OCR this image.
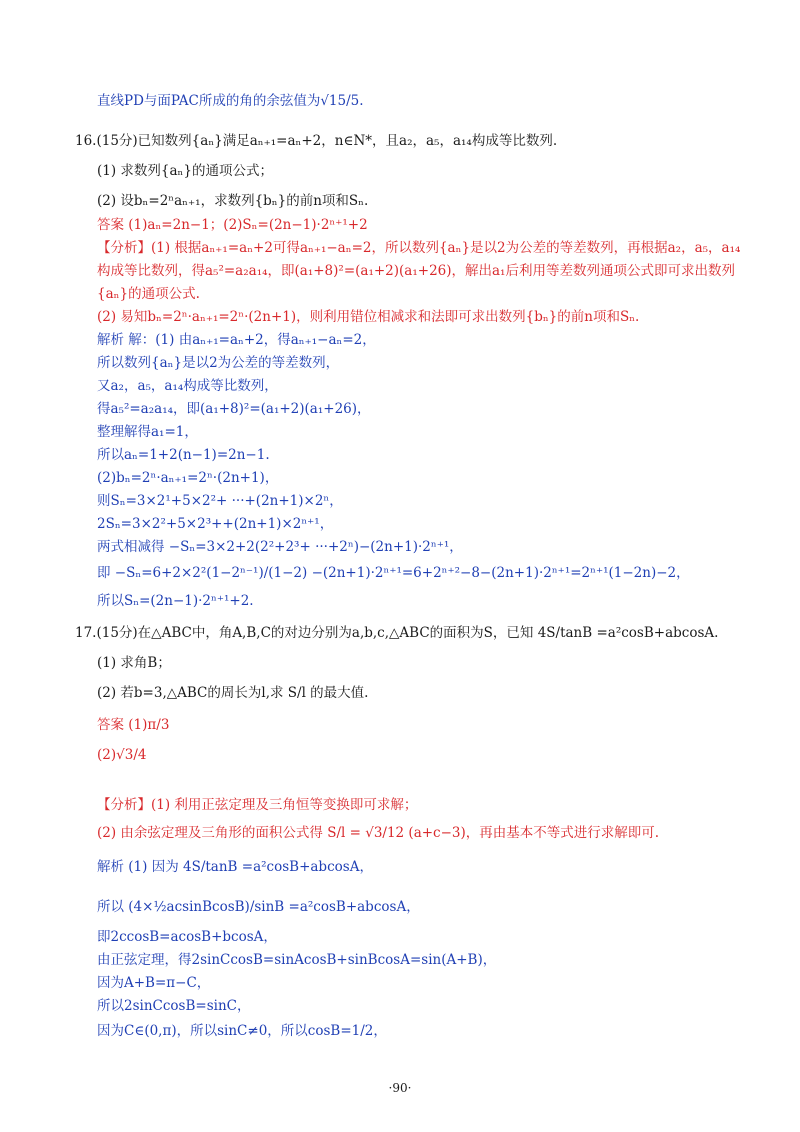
直线PD与面PAC所成的角的余弦值为√15/5.
16.(15分)已知数列{aₙ}满足aₙ₊₁=aₙ+2，n∈N*，且a₂，a₅，a₁₄构成等比数列.
(1) 求数列{aₙ}的通项公式；
(2) 设bₙ=2ⁿaₙ₊₁，求数列{bₙ}的前n项和Sₙ.
答案 (1)aₙ=2n−1；(2)Sₙ=(2n−1)·2ⁿ⁺¹+2
【分析】(1) 根据aₙ₊₁=aₙ+2可得aₙ₊₁−aₙ=2，所以数列{aₙ}是以2为公差的等差数列，再根据a₂，a₅，a₁₄
构成等比数列，得a₅²=a₂a₁₄，即(a₁+8)²=(a₁+2)(a₁+26)，解出a₁后利用等差数列通项公式即可求出数列
{aₙ}的通项公式.
(2) 易知bₙ=2ⁿ·aₙ₊₁=2ⁿ·(2n+1)，则利用错位相减求和法即可求出数列{bₙ}的前n项和Sₙ.
解析 解：(1) 由aₙ₊₁=aₙ+2，得aₙ₊₁−aₙ=2，
所以数列{aₙ}是以2为公差的等差数列，
又a₂，a₅，a₁₄构成等比数列，
得a₅²=a₂a₁₄，即(a₁+8)²=(a₁+2)(a₁+26)，
整理解得a₁=1，
所以aₙ=1+2(n−1)=2n−1.
(2)bₙ=2ⁿ·aₙ₊₁=2ⁿ·(2n+1)，
则Sₙ=3×2¹+5×2²+ ···+(2n+1)×2ⁿ，
2Sₙ=3×2²+5×2³++(2n+1)×2ⁿ⁺¹，
两式相减得 −Sₙ=3×2+2(2²+2³+ ···+2ⁿ)−(2n+1)·2ⁿ⁺¹，
即 −Sₙ=6+2×2²(1−2ⁿ⁻¹)/(1−2) −(2n+1)·2ⁿ⁺¹=6+2ⁿ⁺²−8−(2n+1)·2ⁿ⁺¹=2ⁿ⁺¹(1−2n)−2，
所以Sₙ=(2n−1)·2ⁿ⁺¹+2.
17.(15分)在△ABC中，角A,B,C的对边分别为a,b,c,△ABC的面积为S，已知 4S/tanB =a²cosB+abcosA.
(1) 求角B；
(2) 若b=3,△ABC的周长为l,求 S/l 的最大值.
答案 (1)π/3
(2)√3/4
【分析】(1) 利用正弦定理及三角恒等变换即可求解；
(2) 由余弦定理及三角形的面积公式得 S/l = √3/12 (a+c−3)，再由基本不等式进行求解即可.
解析 (1) 因为 4S/tanB =a²cosB+abcosA，
所以 (4×½acsinBcosB)/sinB =a²cosB+abcosA，
即2ccosB=acosB+bcosA，
由正弦定理，得2sinCcosB=sinAcosB+sinBcosA=sin(A+B)，
因为A+B=π−C，
所以2sinCcosB=sinC，
因为C∈(0,π)，所以sinC≠0，所以cosB=1/2，
·90·
